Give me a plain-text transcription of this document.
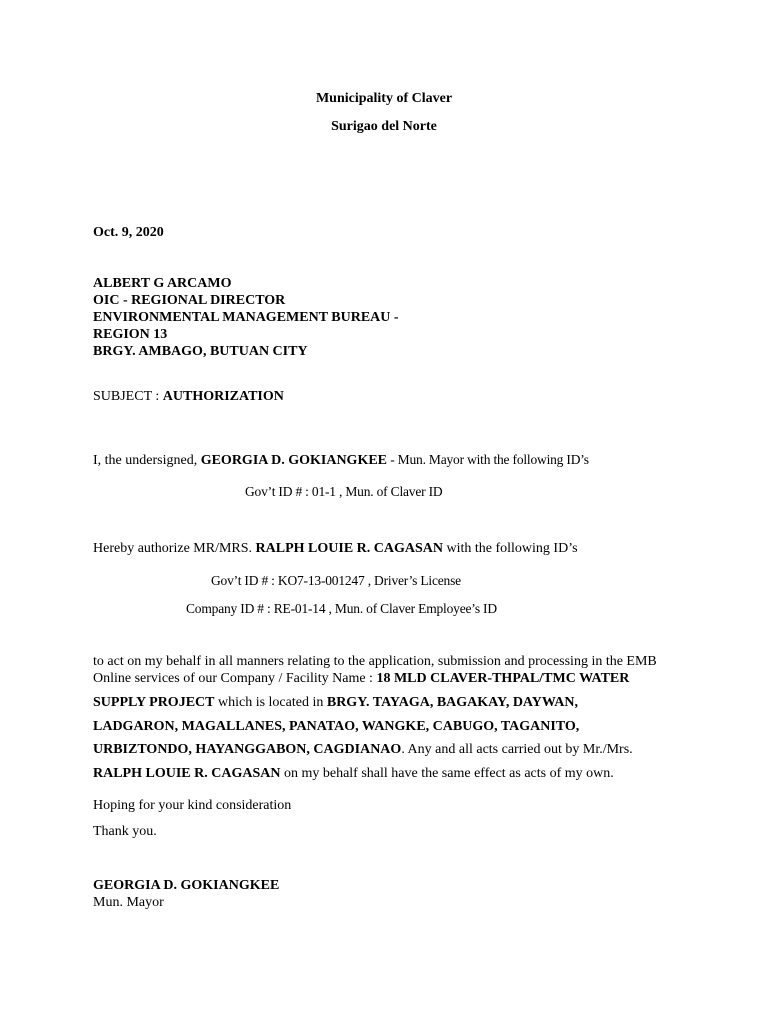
Municipality of Claver
Surigao del Norte
Oct. 9, 2020
ALBERT G ARCAMO
OIC - REGIONAL DIRECTOR
ENVIRONMENTAL MANAGEMENT BUREAU -
REGION 13
BRGY. AMBAGO, BUTUAN CITY
SUBJECT : AUTHORIZATION
I, the undersigned, GEORGIA D. GOKIANGKEE - Mun. Mayor with the following ID’s
Gov’t ID # : 01-1 , Mun. of Claver ID
Hereby authorize MR/MRS. RALPH LOUIE R. CAGASAN with the following ID’s
Gov’t ID # : KO7-13-001247 , Driver’s License
Company ID # : RE-01-14 , Mun. of Claver Employee’s ID
to act on my behalf in all manners relating to the application, submission and processing in the EMB
Online services of our Company / Facility Name : 18 MLD CLAVER-THPAL/TMC WATER
SUPPLY PROJECT which is located in BRGY. TAYAGA, BAGAKAY, DAYWAN,
LADGARON, MAGALLANES, PANATAO, WANGKE, CABUGO, TAGANITO,
URBIZTONDO, HAYANGGABON, CAGDIANAO. Any and all acts carried out by Mr./Mrs.
RALPH LOUIE R. CAGASAN on my behalf shall have the same effect as acts of my own.
Hoping for your kind consideration
Thank you.
GEORGIA D. GOKIANGKEE
Mun. Mayor
